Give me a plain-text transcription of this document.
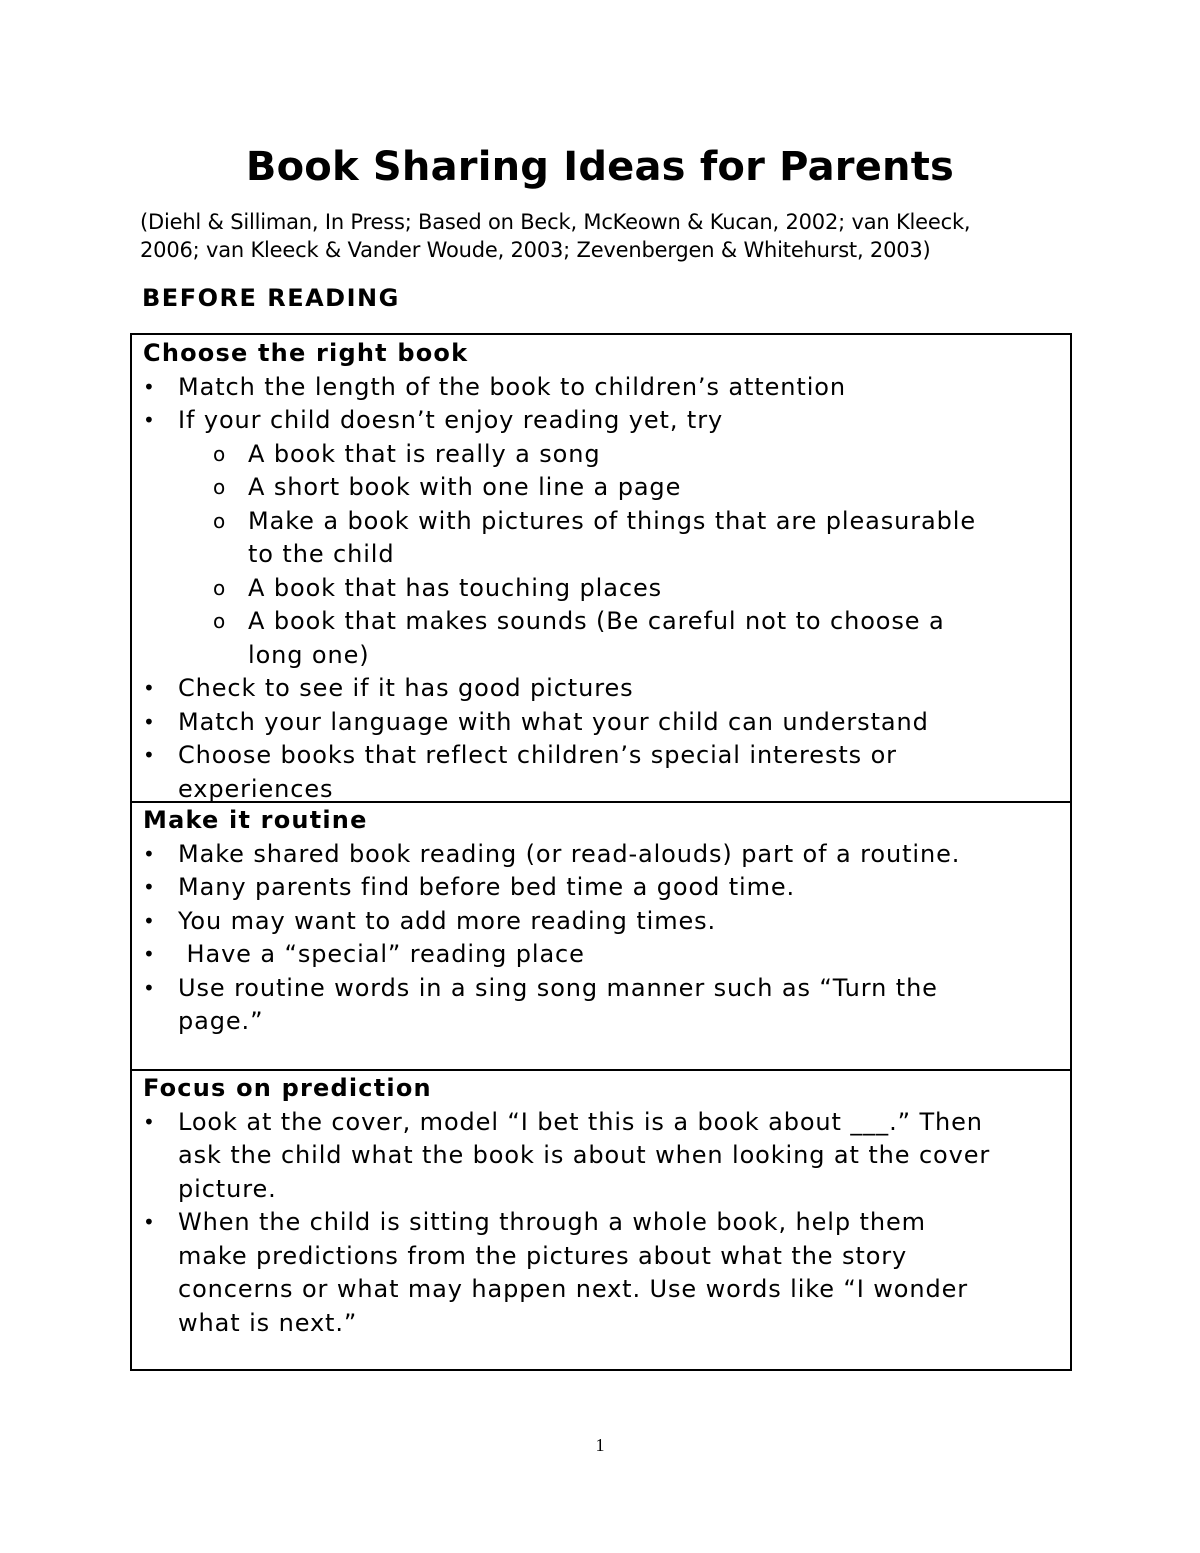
Book Sharing Ideas for Parents
(Diehl & Silliman, In Press; Based on Beck, McKeown & Kucan, 2002; van Kleeck,
2006; van Kleeck & Vander Woude, 2003; Zevenbergen & Whitehurst, 2003)
BEFORE READING
Choose the right book
• Match the length of the book to children’s attention
• If your child doesn’t enjoy reading yet, try
o A book that is really a song
o A short book with one line a page
o Make a book with pictures of things that are pleasurable
to the child
o A book that has touching places
o A book that makes sounds (Be careful not to choose a
long one)
• Check to see if it has good pictures
• Match your language with what your child can understand
• Choose books that reflect children’s special interests or
experiences
Make it routine
• Make shared book reading (or read-alouds) part of a routine.
• Many parents find before bed time a good time.
• You may want to add more reading times.
•  Have a “special” reading place
• Use routine words in a sing song manner such as “Turn the
page.”
Focus on prediction
• Look at the cover, model “I bet this is a book about ___.” Then
ask the child what the book is about when looking at the cover
picture.
• When the child is sitting through a whole book, help them
make predictions from the pictures about what the story
concerns or what may happen next. Use words like “I wonder
what is next.”
1
